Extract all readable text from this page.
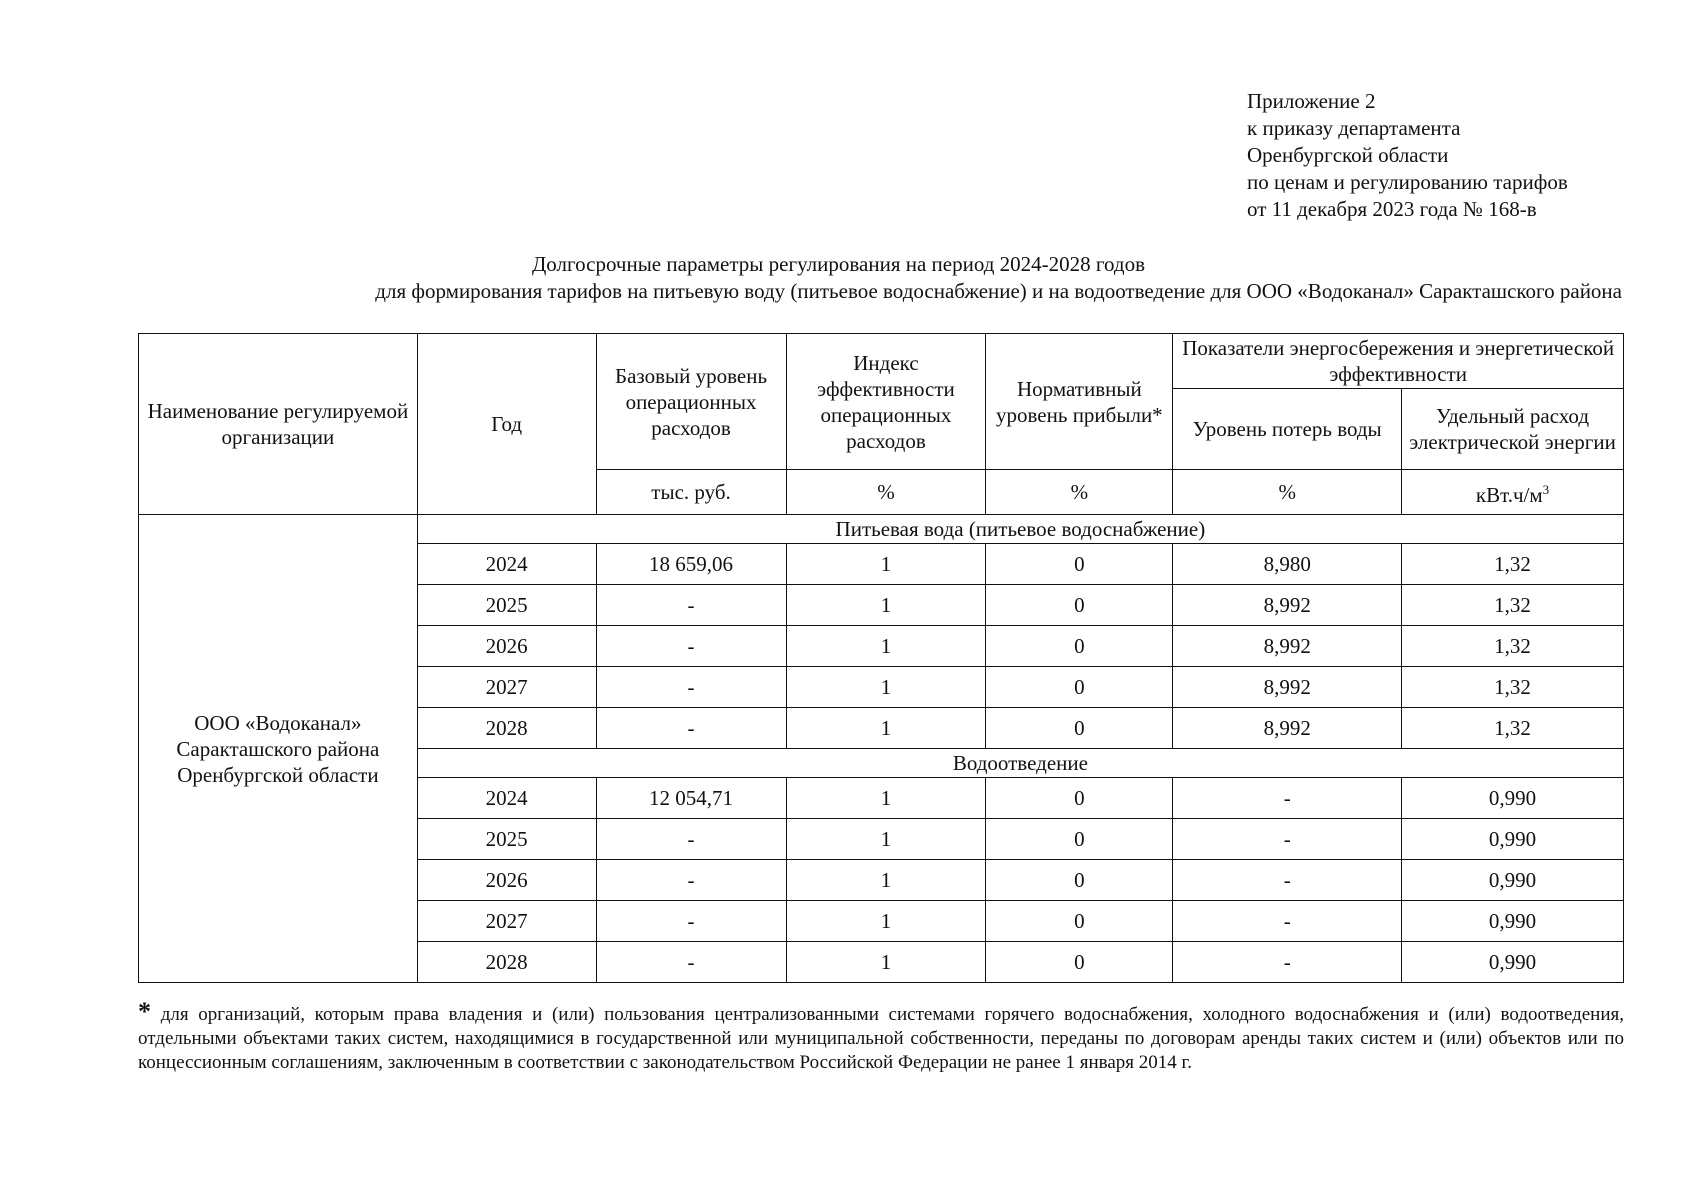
Приложение 2
к приказу департамента
Оренбургской области
по ценам и регулированию тарифов
от 11 декабря 2023 года № 168-в
Долгосрочные параметры регулирования на период 2024-2028 годов
для формирования тарифов на питьевую воду (питьевое водоснабжение) и на водоотведение для ООО «Водоканал» Саракташского района
Наименование регулируемой организации	Год	Базовый уровень операционных расходов	Индекс эффективности операционных расходов	Нормативный уровень прибыли*	Показатели энергосбережения и энергетической эффективности	
					Уровень потерь воды	Удельный расход электрической энергии
		тыс. руб.	%	%	%	$кВт.ч/м^3$
ООО «Водоканал» Саракташского района Оренбургской области	Питьевая вода (питьевое водоснабжение)					
	2024	18 659,06	1	0	8,980	1,32
	2025	-	1	0	8,992	1,32
	2026	-	1	0	8,992	1,32
	2027	-	1	0	8,992	1,32
	2028	-	1	0	8,992	1,32
	Водоотведение					
	2024	12 054,71	1	0	-	0,990
	2025	-	1	0	-	0,990
	2026	-	1	0	-	0,990
	2027	-	1	0	-	0,990
	2028	-	1	0	-	0,990
* для организаций, которым права владения и (или) пользования централизованными системами горячего водоснабжения, холодного водоснабжения и (или) водоотведения, отдельными объектами таких систем, находящимися в государственной или муниципальной собственности, переданы по договорам аренды таких систем и (или) объектов или по концессионным соглашениям, заключенным в соответствии с законодательством Российской Федерации не ранее 1 января 2014 г.
